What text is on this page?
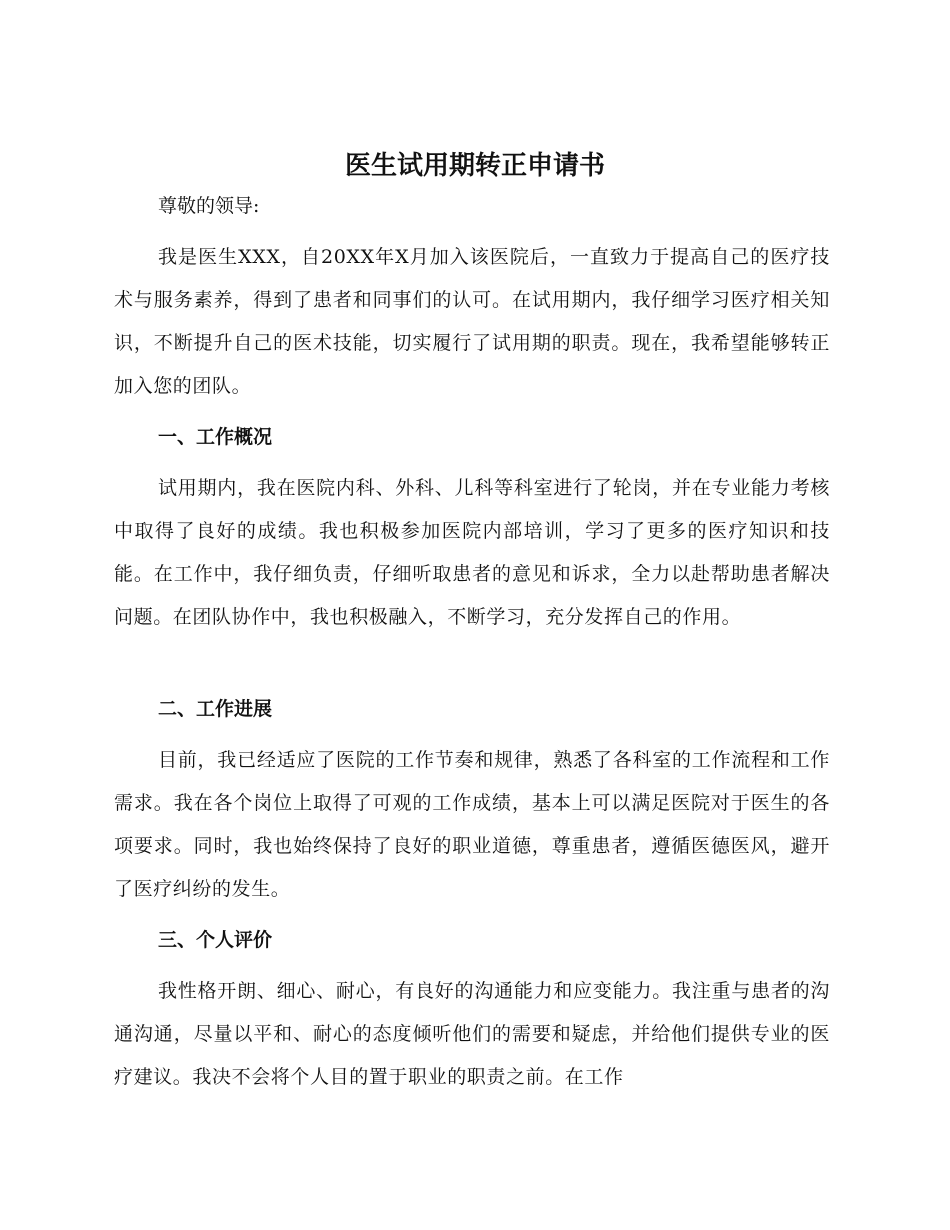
医生试用期转正申请书

尊敬的领导:

我是医生XXX，自20XX年X月加入该医院后，一直致力于提高自己的医疗技术与服务素养，得到了患者和同事们的认可。在试用期内，我仔细学习医疗相关知识，不断提升自己的医术技能，切实履行了试用期的职责。现在，我希望能够转正加入您的团队。

一、工作概况

试用期内，我在医院内科、外科、儿科等科室进行了轮岗，并在专业能力考核中取得了良好的成绩。我也积极参加医院内部培训，学习了更多的医疗知识和技能。在工作中，我仔细负责，仔细听取患者的意见和诉求，全力以赴帮助患者解决问题。在团队协作中，我也积极融入，不断学习，充分发挥自己的作用。

二、工作进展

目前，我已经适应了医院的工作节奏和规律，熟悉了各科室的工作流程和工作需求。我在各个岗位上取得了可观的工作成绩，基本上可以满足医院对于医生的各项要求。同时，我也始终保持了良好的职业道德，尊重患者，遵循医德医风，避开了医疗纠纷的发生。

三、个人评价

我性格开朗、细心、耐心，有良好的沟通能力和应变能力。我注重与患者的沟通沟通，尽量以平和、耐心的态度倾听他们的需要和疑虑，并给他们提供专业的医疗建议。我决不会将个人目的置于职业的职责之前。在工作
